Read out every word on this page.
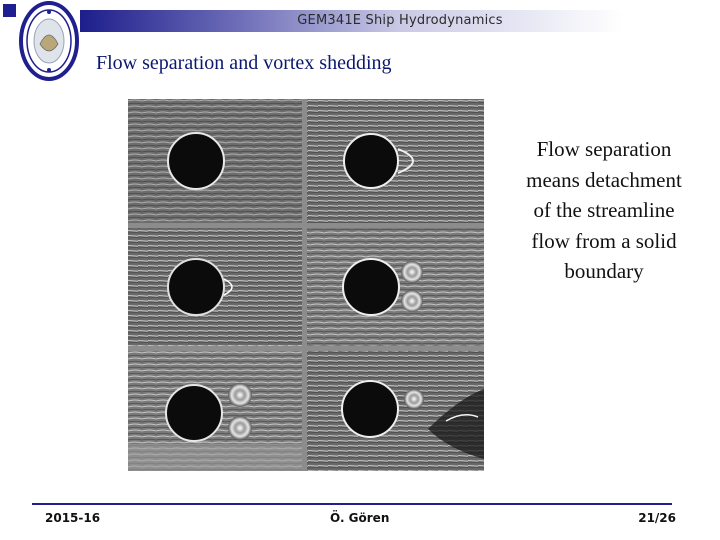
GEM341E Ship Hydrodynamics
Flow separation and vortex shedding
Flow separation means detachment of the streamline flow from a solid boundary
2015-16	Ö. Gören	21/26
